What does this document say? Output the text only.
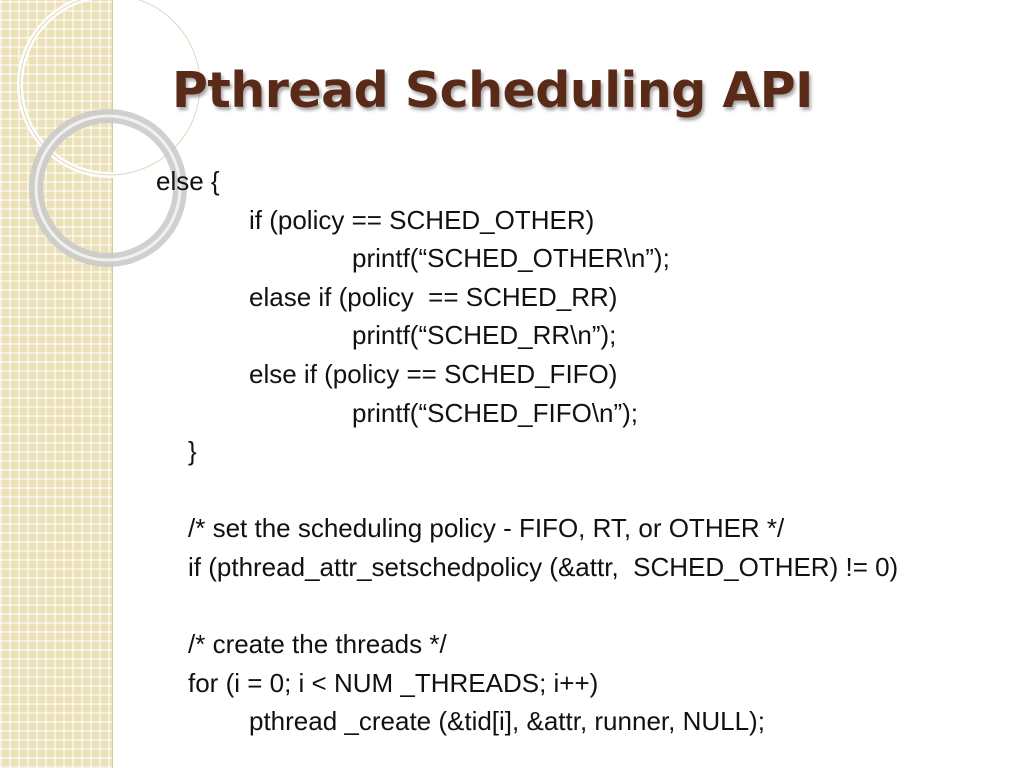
Pthread Scheduling API
else {
if (policy == SCHED_OTHER)
printf(“SCHED_OTHER\n”);
elase if (policy  == SCHED_RR)
printf(“SCHED_RR\n”);
else if (policy == SCHED_FIFO)
printf(“SCHED_FIFO\n”);
}
/* set the scheduling policy - FIFO, RT, or OTHER */
if (pthread_attr_setschedpolicy (&attr,  SCHED_OTHER) != 0)
/* create the threads */
for (i = 0; i < NUM _THREADS; i++)
pthread _create (&tid[i], &attr, runner, NULL);
